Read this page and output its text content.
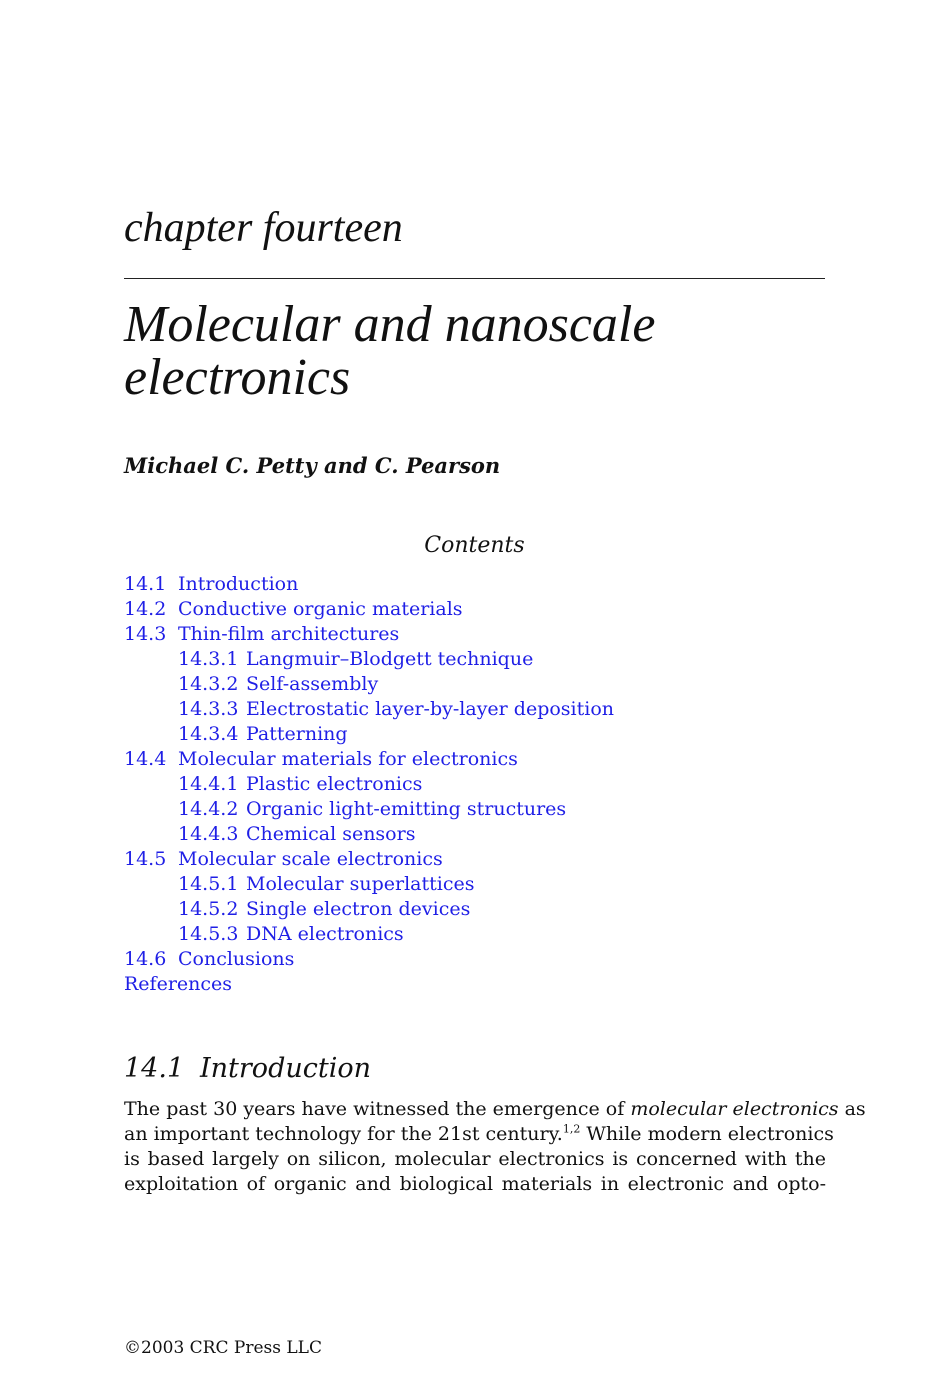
chapter fourteen
Molecular and nanoscale electronics
Michael C. Petty and C. Pearson
Contents
14.1 Introduction
14.2 Conductive organic materials
14.3 Thin-film architectures
14.3.1 Langmuir–Blodgett technique
14.3.2 Self-assembly
14.3.3 Electrostatic layer-by-layer deposition
14.3.4 Patterning
14.4 Molecular materials for electronics
14.4.1 Plastic electronics
14.4.2 Organic light-emitting structures
14.4.3 Chemical sensors
14.5 Molecular scale electronics
14.5.1 Molecular superlattices
14.5.2 Single electron devices
14.5.3 DNA electronics
14.6 Conclusions
References
14.1 Introduction
The past 30 years have witnessed the emergence of molecular electronics as
an important technology for the 21st century.$^{1,2}$ While modern electronics
is based largely on silicon, molecular electronics is concerned with the
exploitation of organic and biological materials in electronic and opto-
©2003 CRC Press LLC
